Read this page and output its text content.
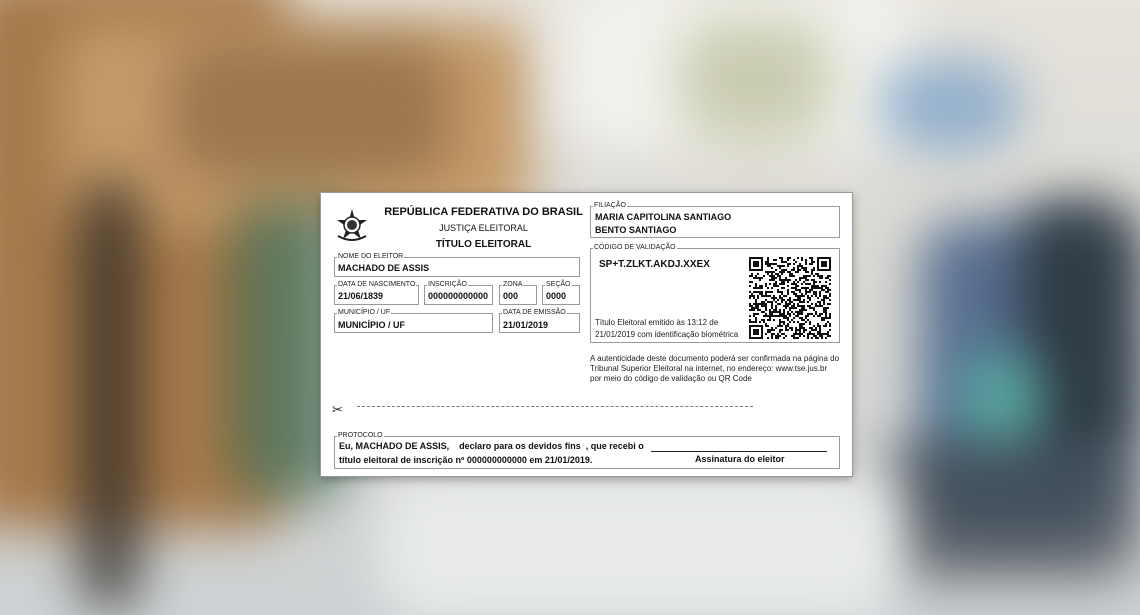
REPÚBLICA FEDERATIVA DO BRASIL
JUSTIÇA ELEITORAL
TÍTULO ELEITORAL
NOME DO ELEITOR
MACHADO DE ASSIS
DATA DE NASCIMENTO
21/06/1839
INSCRIÇÃO
000000000000
ZONA
000
SEÇÃO
0000
MUNICÍPIO / UF
MUNICÍPIO / UF
DATA DE EMISSÃO
21/01/2019
FILIAÇÃO
MARIA CAPITOLINA SANTIAGO
BENTO SANTIAGO
CÓDIGO DE VALIDAÇÃO
SP+T.ZLKT.AKDJ.XXEX
Título Eleitoral emitido às 13:12 de
21/01/2019 com identificação biométrica
A autenticidade deste documento poderá ser confirmada na página do
Tribunal Superior Eleitoral na internet, no endereço: www.tse.jus.br
por meio do código de validação ou QR Code
✂
PROTOCOLO
Eu, MACHADO DE ASSIS,    declaro para os devidos fins  , que recebi o
título eleitoral de inscrição nº 000000000000 em 21/01/2019.	Assinatura do eleitor
